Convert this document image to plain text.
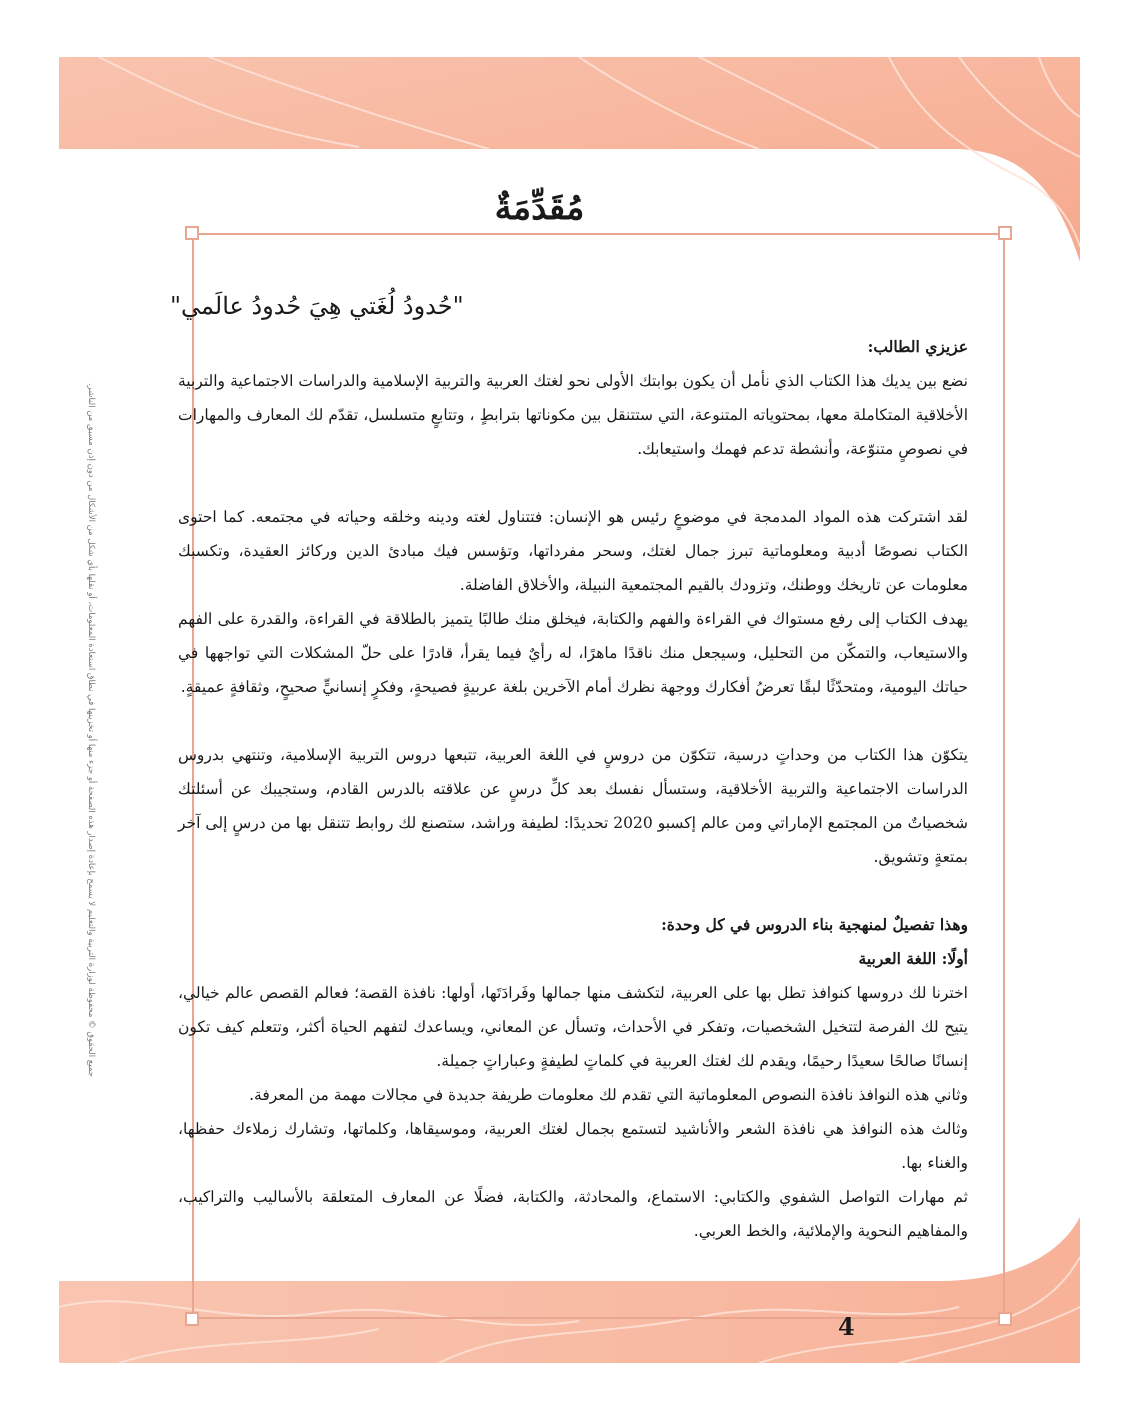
جميع الحقوق © محفوظة لوزارة التربية والتعليم لا يسمح بإعادة إصدار هذه الصفحة أو جزء منها أو تخزينها في نطاق استعادة المعلومات، أو نقلها بأي شكل من الأشكال من دون إذن مسبق من الناشر.
مُقَدِّمَةٌ

"حُدودُ لُغَتي هِيَ حُدودُ عالَمي"

عزيزي الطالب:

نضع بين يديك هذا الكتاب الذي نأمل أن يكون بوابتك الأولى نحو لغتك العربية والتربية الإسلامية والدراسات الاجتماعية والتربية الأخلاقية المتكاملة معها، بمحتوياته المتنوعة، التي ستتنقل بين مكوناتها بترابطٍ ، وتتابعٍ متسلسل، تقدّم لك المعارف والمهارات في نصوصٍ متنوّعة، وأنشطة تدعم فهمك واستيعابك.

لقد اشتركت هذه المواد المدمجة في موضوعٍ رئيس هو الإنسان: فتتناول لغته ودينه وخلقه وحياته في مجتمعه. كما احتوى الكتاب نصوصًا أدبية ومعلوماتية تبرز جمال لغتك، وسحر مفرداتها، وتؤسس فيك مبادئ الدين وركائز العقيدة، وتكسبك معلومات عن تاريخك ووطنك، وتزودك بالقيم المجتمعية النبيلة، والأخلاق الفاضلة.

يهدف الكتاب إلى رفع مستواك في القراءة والفهم والكتابة، فيخلق منك طالبًا يتميز بالطلاقة في القراءة، والقدرة على الفهم والاستيعاب، والتمكّن من التحليل، وسيجعل منك ناقدًا ماهرًا، له رأيٌ فيما يقرأ، قادرًا على حلّ المشكلات التي تواجهها في حياتك اليومية، ومتحدّثًا لبقًا تعرضُ أفكارك ووجهة نظرك أمام الآخرين بلغة عربيةٍ فصيحةٍ، وفكرٍ إنسانيٍّ صحيحٍ، وثقافةٍ عميقةٍ.

يتكوّن هذا الكتاب من وحداتٍ درسية، تتكوّن من دروسٍ في اللغة العربية، تتبعها دروس التربية الإسلامية، وتنتهي بدروس الدراسات الاجتماعية والتربية الأخلاقية، وستسأل نفسك بعد كلِّ درسٍ عن علاقته بالدرس القادم، وستجيبك عن أسئلتك شخصياتٌ من المجتمع الإماراتي ومن عالم إكسبو 2020 تحديدًا: لطيفة وراشد، ستصنع لك روابط تتنقل بها من درسٍ إلى آخر بمتعةٍ وتشويق.

وهذا تفصيلٌ لمنهجية بناء الدروس في كل وحدة:

أولًا: اللغة العربية

اخترنا لك دروسها كنوافذ تطل بها على العربية، لتكشف منها جمالها وفَرادَتَها، أولها: نافذة القصة؛ فعالم القصص عالم خيالي، يتيح لك الفرصة لتتخيل الشخصيات، وتفكر في الأحداث، وتسأل عن المعاني، ويساعدك لتفهم الحياة أكثر، وتتعلم كيف تكون إنسانًا صالحًا سعيدًا رحيمًا، ويقدم لك لغتك العربية في كلماتٍ لطيفةٍ وعباراتٍ جميلة.

وثاني هذه النوافذ نافذة النصوص المعلوماتية التي تقدم لك معلومات طريفة جديدة في مجالات مهمة من المعرفة.

وثالث هذه النوافذ هي نافذة الشعر والأناشيد لتستمع بجمال لغتك العربية، وموسيقاها، وكلماتها، وتشارك زملاءك حفظها، والغناء بها.

ثم مهارات التواصل الشفوي والكتابي: الاستماع، والمحادثة، والكتابة، فضلًا عن المعارف المتعلقة بالأساليب والتراكيب، والمفاهيم النحوية والإملائية، والخط العربي.

4
